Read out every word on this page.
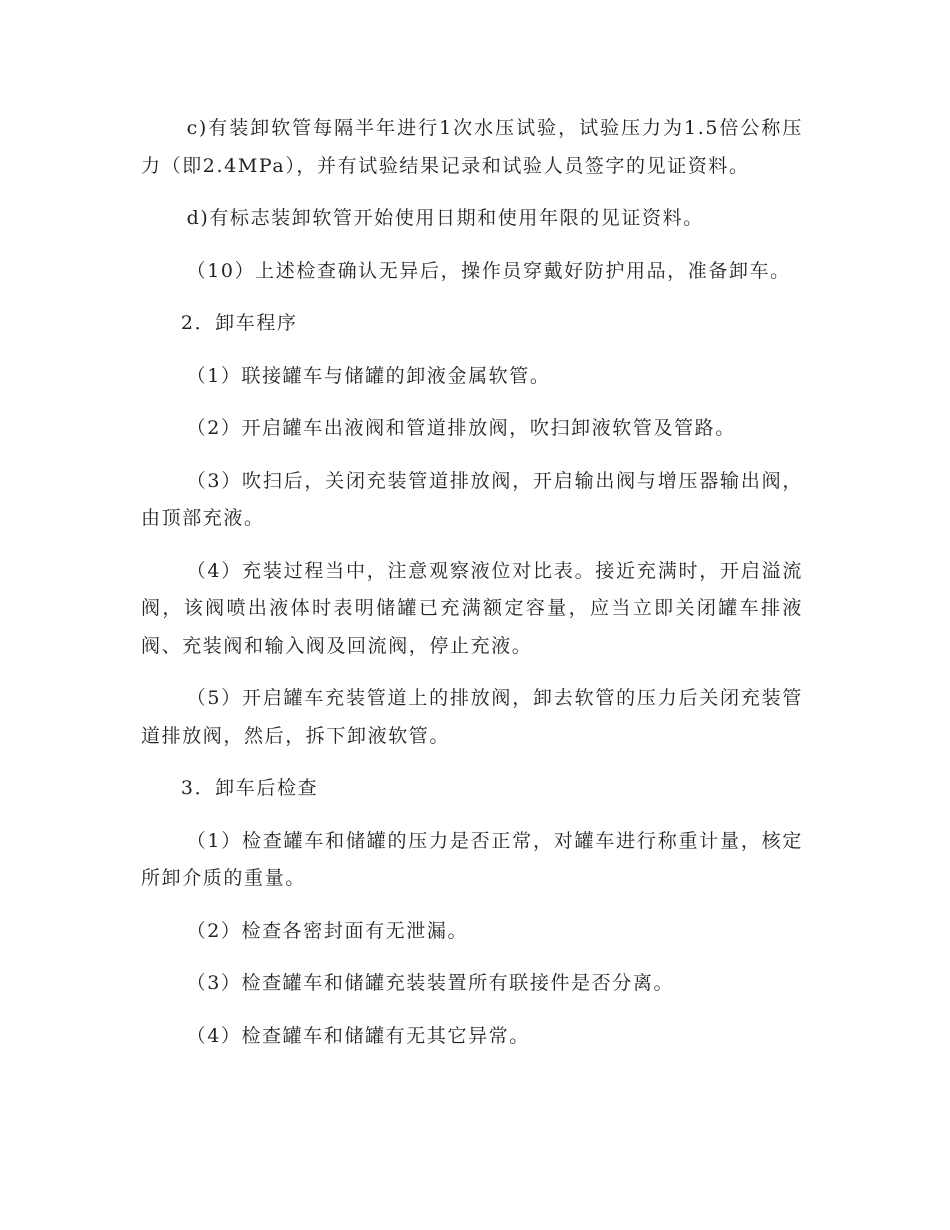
c)有装卸软管每隔半年进行1次水压试验，试验压力为1.5倍公称压力（即2.4MPa），并有试验结果记录和试验人员签字的见证资料。

d)有标志装卸软管开始使用日期和使用年限的见证资料。

（10）上述检查确认无异后，操作员穿戴好防护用品，准备卸车。

2．卸车程序

（1）联接罐车与储罐的卸液金属软管。

（2）开启罐车出液阀和管道排放阀，吹扫卸液软管及管路。

（3）吹扫后，关闭充装管道排放阀，开启输出阀与增压器输出阀，由顶部充液。

（4）充装过程当中，注意观察液位对比表。接近充满时，开启溢流阀，该阀喷出液体时表明储罐已充满额定容量，应当立即关闭罐车排液阀、充装阀和输入阀及回流阀，停止充液。

（5）开启罐车充装管道上的排放阀，卸去软管的压力后关闭充装管道排放阀，然后，拆下卸液软管。

3．卸车后检查

（1）检查罐车和储罐的压力是否正常，对罐车进行称重计量，核定所卸介质的重量。

（2）检查各密封面有无泄漏。

（3）检查罐车和储罐充装装置所有联接件是否分离。

（4）检查罐车和储罐有无其它异常。
